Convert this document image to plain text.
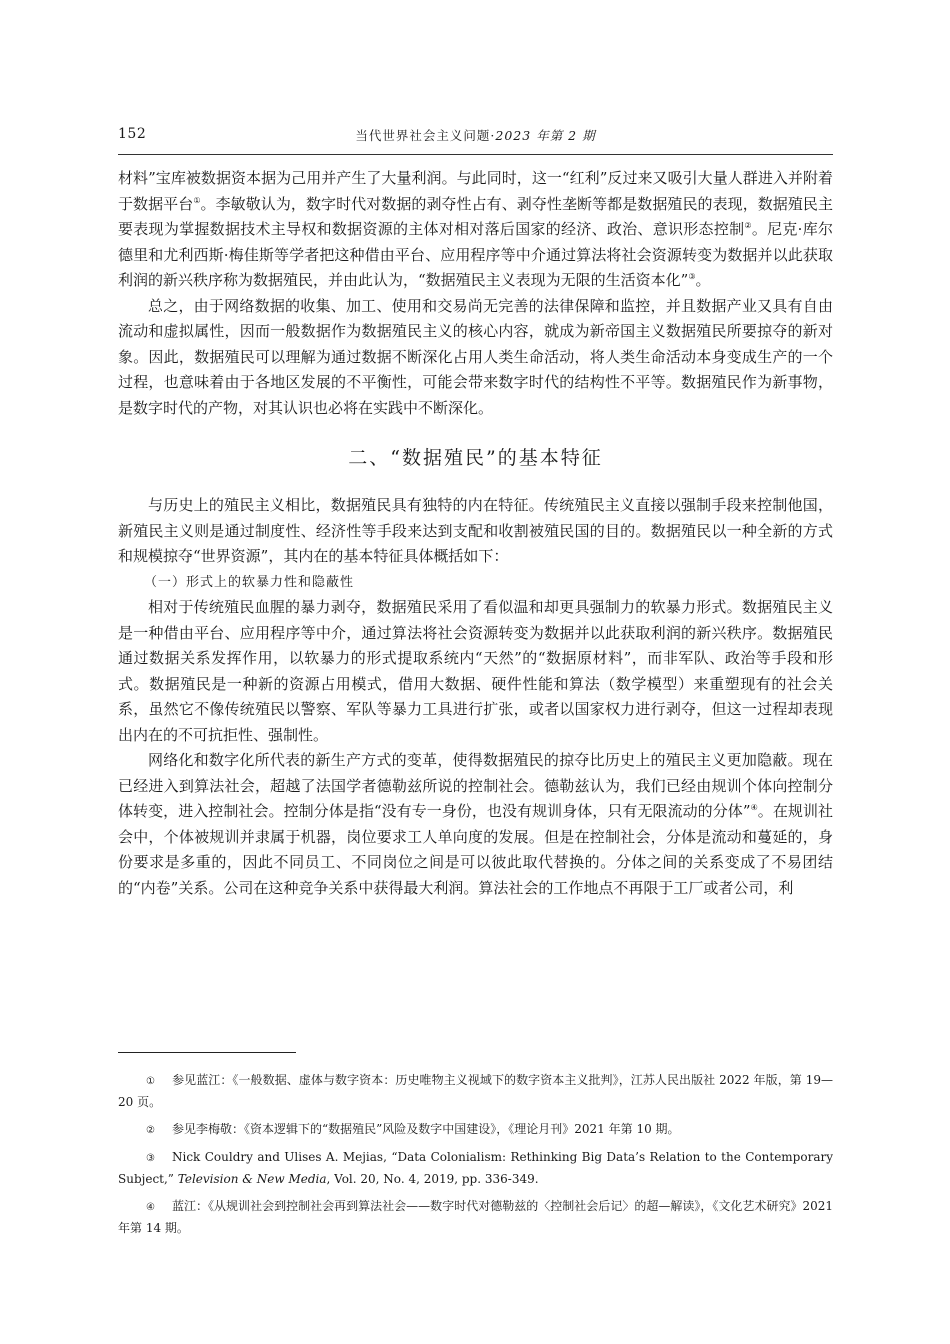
152	当代世界社会主义问题·2023 年第 2 期

材料”宝库被数据资本据为己用并产生了大量利润。与此同时，这一“红利”反过来又吸引大量人群进入并附着于数据平台①。李敏敬认为，数字时代对数据的剥夺性占有、剥夺性垄断等都是数据殖民的表现，数据殖民主要表现为掌握数据技术主导权和数据资源的主体对相对落后国家的经济、政治、意识形态控制②。尼克·库尔德里和尤利西斯·梅佳斯等学者把这种借由平台、应用程序等中介通过算法将社会资源转变为数据并以此获取利润的新兴秩序称为数据殖民，并由此认为，“数据殖民主义表现为无限的生活资本化”③。

总之，由于网络数据的收集、加工、使用和交易尚无完善的法律保障和监控，并且数据产业又具有自由流动和虚拟属性，因而一般数据作为数据殖民主义的核心内容，就成为新帝国主义数据殖民所要掠夺的新对象。因此，数据殖民可以理解为通过数据不断深化占用人类生命活动，将人类生命活动本身变成生产的一个过程，也意味着由于各地区发展的不平衡性，可能会带来数字时代的结构性不平等。数据殖民作为新事物，是数字时代的产物，对其认识也必将在实践中不断深化。

二、“数据殖民”的基本特征

与历史上的殖民主义相比，数据殖民具有独特的内在特征。传统殖民主义直接以强制手段来控制他国，新殖民主义则是通过制度性、经济性等手段来达到支配和收割被殖民国的目的。数据殖民以一种全新的方式和规模掠夺“世界资源”，其内在的基本特征具体概括如下：

（一）形式上的软暴力性和隐蔽性

相对于传统殖民血腥的暴力剥夺，数据殖民采用了看似温和却更具强制力的软暴力形式。数据殖民主义是一种借由平台、应用程序等中介，通过算法将社会资源转变为数据并以此获取利润的新兴秩序。数据殖民通过数据关系发挥作用，以软暴力的形式提取系统内“天然”的“数据原材料”，而非军队、政治等手段和形式。数据殖民是一种新的资源占用模式，借用大数据、硬件性能和算法（数学模型）来重塑现有的社会关系，虽然它不像传统殖民以警察、军队等暴力工具进行扩张，或者以国家权力进行剥夺，但这一过程却表现出内在的不可抗拒性、强制性。

网络化和数字化所代表的新生产方式的变革，使得数据殖民的掠夺比历史上的殖民主义更加隐蔽。现在已经进入到算法社会，超越了法国学者德勒兹所说的控制社会。德勒兹认为，我们已经由规训个体向控制分体转变，进入控制社会。控制分体是指“没有专一身份，也没有规训身体，只有无限流动的分体”④。在规训社会中，个体被规训并隶属于机器，岗位要求工人单向度的发展。但是在控制社会，分体是流动和蔓延的，身份要求是多重的，因此不同员工、不同岗位之间是可以彼此取代替换的。分体之间的关系变成了不易团结的“内卷”关系。公司在这种竞争关系中获得最大利润。算法社会的工作地点不再限于工厂或者公司，利

① 参见蓝江：《一般数据、虚体与数字资本：历史唯物主义视域下的数字资本主义批判》，江苏人民出版社 2022 年版，第 19—20 页。

② 参见李梅敬：《资本逻辑下的“数据殖民”风险及数字中国建设》，《理论月刊》2021 年第 10 期。

③ Nick Couldry and Ulises A. Mejias, “Data Colonialism: Rethinking Big Data’s Relation to the Contemporary Subject,” Television & New Media, Vol. 20, No. 4, 2019, pp. 336-349.

④ 蓝江：《从规训社会到控制社会再到算法社会——数字时代对德勒兹的〈控制社会后记〉的超—解读》，《文化艺术研究》2021 年第 14 期。
